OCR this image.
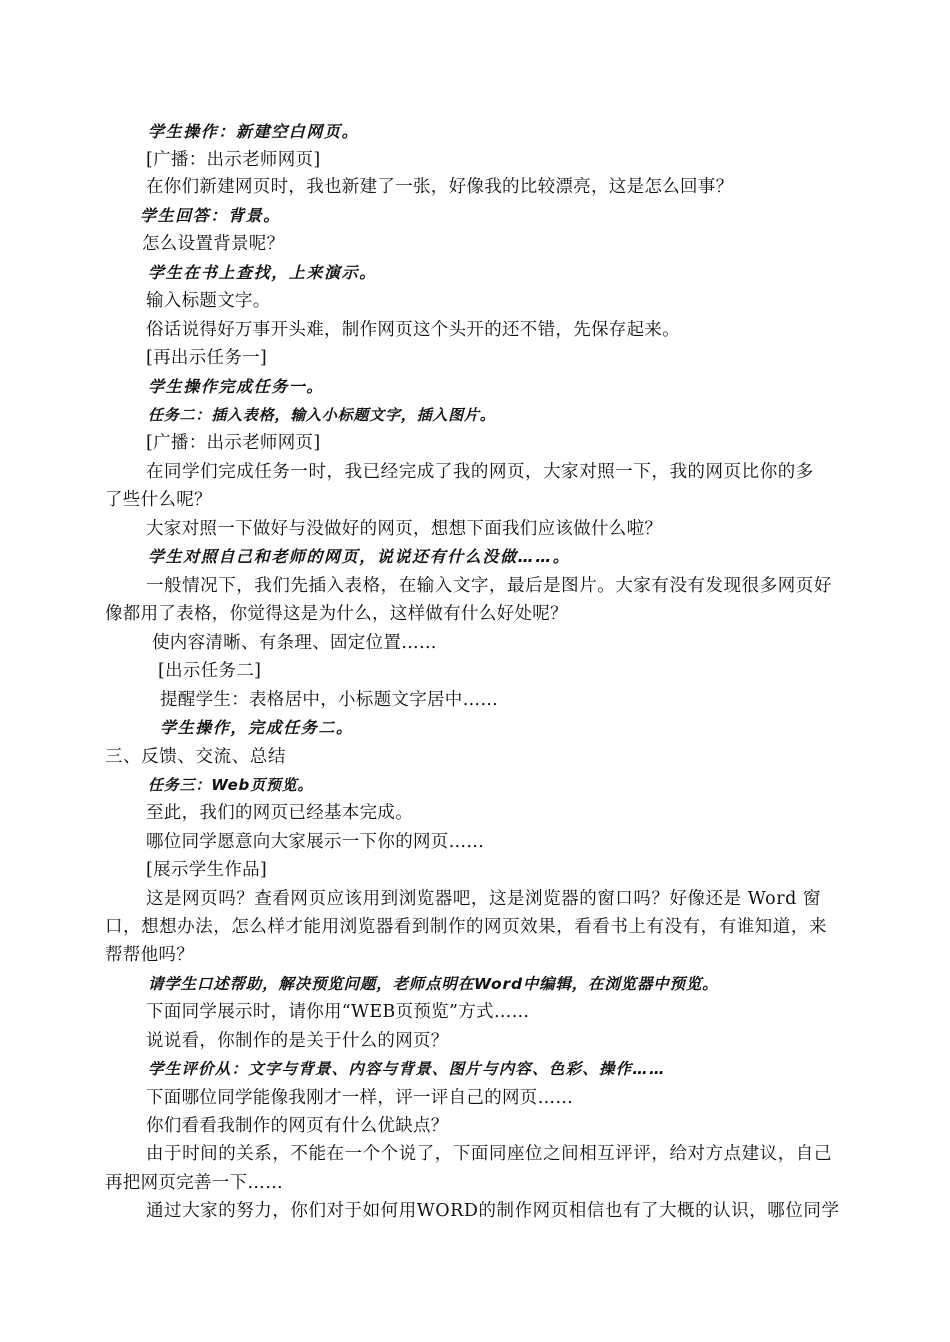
学生操作：新建空白网页。
[广播：出示老师网页]
在你们新建网页时，我也新建了一张，好像我的比较漂亮，这是怎么回事？
学生回答：背景。
怎么设置背景呢？
学生在书上查找，上来演示。
输入标题文字。
俗话说得好万事开头难，制作网页这个头开的还不错，先保存起来。
[再出示任务一]
学生操作完成任务一。
任务二：插入表格，输入小标题文字，插入图片。
[广播：出示老师网页]
在同学们完成任务一时，我已经完成了我的网页，大家对照一下，我的网页比你的多
了些什么呢？
大家对照一下做好与没做好的网页，想想下面我们应该做什么啦？
学生对照自己和老师的网页，说说还有什么没做……。
一般情况下，我们先插入表格，在输入文字，最后是图片。大家有没有发现很多网页好
像都用了表格，你觉得这是为什么，这样做有什么好处呢？
使内容清晰、有条理、固定位置……
[出示任务二]
提醒学生：表格居中，小标题文字居中……
学生操作，完成任务二。
三、反馈、交流、总结
任务三：Web页预览。
至此，我们的网页已经基本完成。
哪位同学愿意向大家展示一下你的网页……
[展示学生作品]
这是网页吗？查看网页应该用到浏览器吧，这是浏览器的窗口吗？好像还是 Word 窗
口，想想办法，怎么样才能用浏览器看到制作的网页效果，看看书上有没有，有谁知道，来
帮帮他吗？
请学生口述帮助，解决预览问题，老师点明在Word中编辑，在浏览器中预览。
下面同学展示时，请你用“WEB页预览”方式……
说说看，你制作的是关于什么的网页？
学生评价从：文字与背景、内容与背景、图片与内容、色彩、操作……
下面哪位同学能像我刚才一样，评一评自己的网页……
你们看看我制作的网页有什么优缺点？
由于时间的关系，不能在一个个说了，下面同座位之间相互评评，给对方点建议，自己
再把网页完善一下……
通过大家的努力，你们对于如何用WORD的制作网页相信也有了大概的认识，哪位同学
